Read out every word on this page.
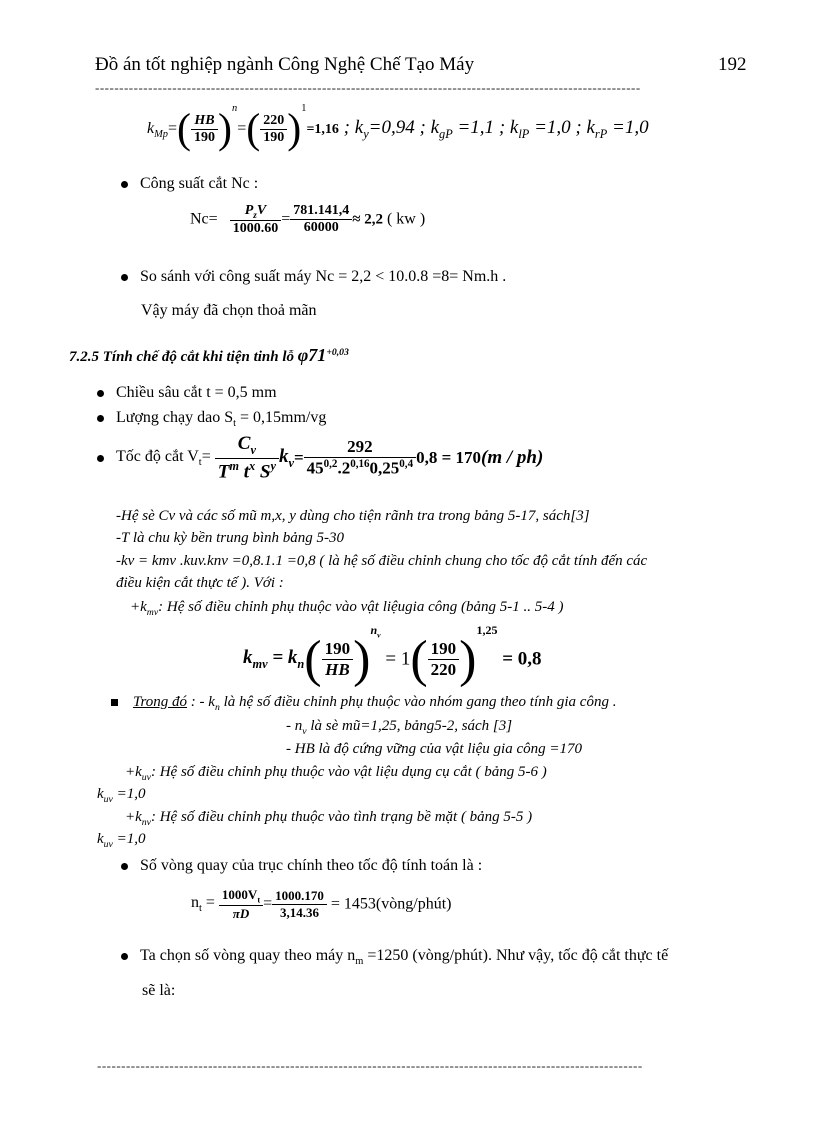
Đồ án tốt nghiệp ngành Công Nghệ Chế Tạo Máy	192
-----------------------------------------------------------------------------------------------------------------
$k_{Mp}=( \frac{HB}{190} )^n=( \frac{220}{190} )^1=1,16$ ; $k_y=0,94$ ; $k_{gP} =1,1$ ; $k_{lP} =1,0$ ; $k_{rP} =1,0$
Công suất cắt Nc :
$Nc= \frac{P_zV}{1000.60} = \frac{781.141,4}{60000} \approx 2,2$ ( kw )
So sánh với công suất máy Nc = 2,2 < 10.0.8 =8= Nm.h .
Vậy máy đã chọn thoả mãn
7.2.5 Tính chế độ cắt khi tiện tinh lỗ $\varphi 71^{+0,03}$
Chiều sâu cắt t = 0,5 mm
Lượng chạy dao $S_t = 0,15mm/vg$
Tốc độ cắt $V_t= \frac{C_v}{T^m t^x S^y} k_v= \frac{292}{45^{0,2}.2^{0,16}0,25^{0,4}} 0,8 = 170(m / ph)$
-Hệ sè Cv và các số mũ m,x, y dùng cho tiện rãnh tra trong bảng 5-17, sách[3]
-T là chu kỳ bền trung bình bảng 5-30
-kv = kmv .kuv.knv =0,8.1.1 =0,8 ( là hệ số điều chỉnh chung cho tốc độ cắt tính đến các
điều kiện cắt thực tế ). Với :
$+k_{mv}$: Hệ số điều chỉnh phụ thuộc vào vật liệugia công (bảng 5-1 .. 5-4 )
$k_{mv} = k_n( \frac{190}{HB} )^{n_v} = 1( \frac{190}{220} )^{1,25} = 0,8$
Trong đó : - $k_n$ là hệ số điều chỉnh phụ thuộc vào nhóm gang theo tính gia công .
- $n_v$ là sè mũ=1,25, bảng5-2, sách [3]
- HB là độ cứng vững của vật liệu gia công =170
$+k_{uv}$: Hệ số điều chỉnh phụ thuộc vào vật liệu dụng cụ cắt ( bảng 5-6 )
$k_{uv} =1,0$
$+k_{nv}$: Hệ số điều chỉnh phụ thuộc vào tình trạng bề mặt ( bảng 5-5 )
$k_{uv} =1,0$
Số vòng quay của trục chính theo tốc độ tính toán là :
$n_t = \frac{1000V_t}{\pi D} = \frac{1000.170}{3,14.36}$ = 1453(vòng/phút)
Ta chọn số vòng quay theo máy $n_m =1250$ (vòng/phút). Như vậy, tốc độ cắt thực tế
sẽ là:
-----------------------------------------------------------------------------------------------------------------
